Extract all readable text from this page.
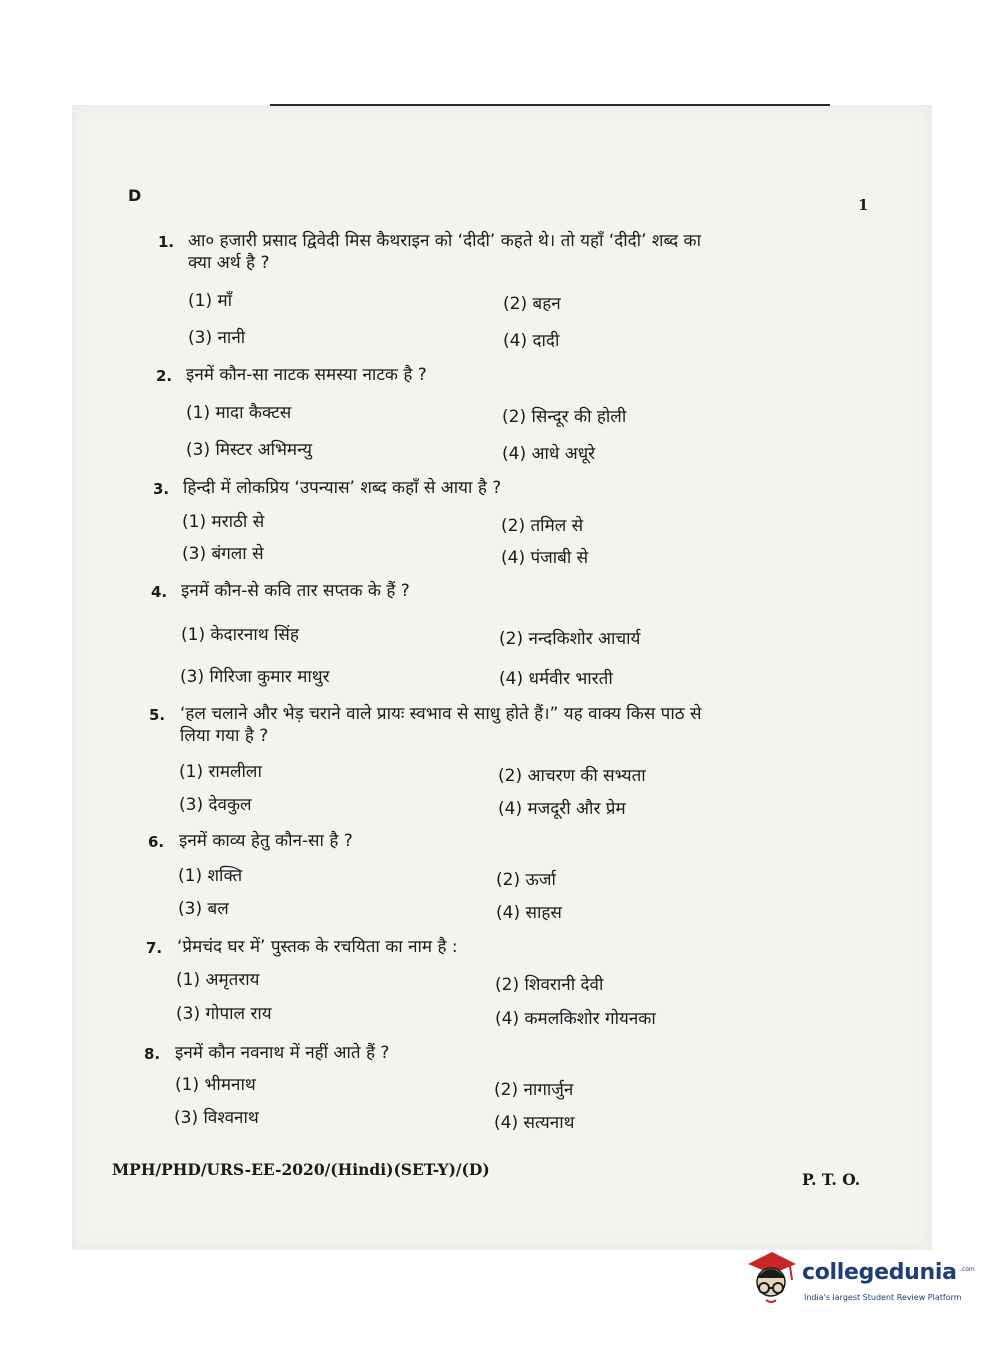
D	1
1. आ० हजारी प्रसाद द्विवेदी मिस कैथराइन को ‘दीदी’ कहते थे। तो यहाँ ‘दीदी’ शब्द का
क्या अर्थ है ?
(1) माँ	(2) बहन
(3) नानी	(4) दादी
2. इनमें कौन-सा नाटक समस्या नाटक है ?
(1) मादा कैक्टस	(2) सिन्दूर की होली
(3) मिस्टर अभिमन्यु	(4) आधे अधूरे
3. हिन्दी में लोकप्रिय ‘उपन्यास’ शब्द कहाँ से आया है ?
(1) मराठी से	(2) तमिल से
(3) बंगला से	(4) पंजाबी से
4. इनमें कौन-से कवि तार सप्तक के हैं ?
(1) केदारनाथ सिंह	(2) नन्दकिशोर आचार्य
(3) गिरिजा कुमार माथुर	(4) धर्मवीर भारती
5. ‘हल चलाने और भेड़ चराने वाले प्रायः स्वभाव से साधु होते हैं।” यह वाक्य किस पाठ से
लिया गया है ?
(1) रामलीला	(2) आचरण की सभ्यता
(3) देवकुल	(4) मजदूरी और प्रेम
6. इनमें काव्य हेतु कौन-सा है ?
(1) शक्ति	(2) ऊर्जा
(3) बल	(4) साहस
7. ‘प्रेमचंद घर में’ पुस्तक के रचयिता का नाम है :
(1) अमृतराय	(2) शिवरानी देवी
(3) गोपाल राय	(4) कमलकिशोर गोयनका
8. इनमें कौन नवनाथ में नहीं आते हैं ?
(1) भीमनाथ	(2) नागार्जुन
(3) विश्वनाथ	(4) सत्यनाथ
MPH/PHD/URS-EE-2020/(Hindi)(SET-Y)/(D)
P. T. O.
collegedunia .com
India's largest Student Review Platform
